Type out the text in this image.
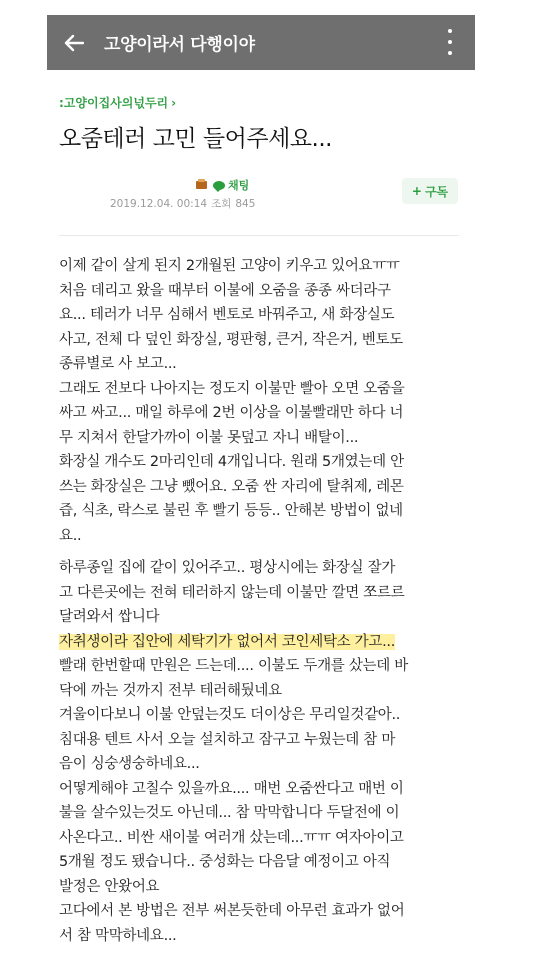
고양이라서 다행이야
:고양이집사의넋두리 ›
오줌테러 고민 들어주세요...
채팅
2019.12.04. 00:14 조회 845
+ 구독
이제 같이 살게 된지 2개월된 고양이 키우고 있어요ㅠㅠ
처음 데리고 왔을 때부터 이불에 오줌을 종종 싸더라구
요... 테러가 너무 심해서 벤토로 바꿔주고, 새 화장실도
사고, 전체 다 덮인 화장실, 평판형, 큰거, 작은거, 벤토도
종류별로 사 보고...
그래도 전보다 나아지는 정도지 이불만 빨아 오면 오줌을
싸고 싸고... 매일 하루에 2번 이상을 이불빨래만 하다 너
무 지쳐서 한달가까이 이불 못덮고 자니 배탈이...
화장실 개수도 2마리인데 4개입니다. 원래 5개였는데 안
쓰는 화장실은 그냥 뺐어요. 오줌 싼 자리에 탈취제, 레몬
즙, 식초, 락스로 불린 후 빨기 등등.. 안해본 방법이 없네
요..
하루종일 집에 같이 있어주고.. 평상시에는 화장실 잘가
고 다른곳에는 전혀 테러하지 않는데 이불만 깔면 쪼르르
달려와서 쌉니다
자취생이라 집안에 세탁기가 없어서 코인세탁소 가고...
빨래 한번할때 만원은 드는데.... 이불도 두개를 샀는데 바
닥에 까는 것까지 전부 테러해뒀네요
겨울이다보니 이불 안덮는것도 더이상은 무리일것같아..
침대용 텐트 사서 오늘 설치하고 잠구고 누웠는데 참 마
음이 싱숭생숭하네요...
어떻게해야 고칠수 있을까요.... 매번 오줌싼다고 매번 이
불을 살수있는것도 아닌데... 참 막막합니다 두달전에 이
사온다고.. 비싼 새이불 여러개 샀는데...ㅠㅠ 여자아이고
5개월 정도 됐습니다.. 중성화는 다음달 예정이고 아직
발정은 안왔어요
고다에서 본 방법은 전부 써본듯한데 아무런 효과가 없어
서 참 막막하네요...
